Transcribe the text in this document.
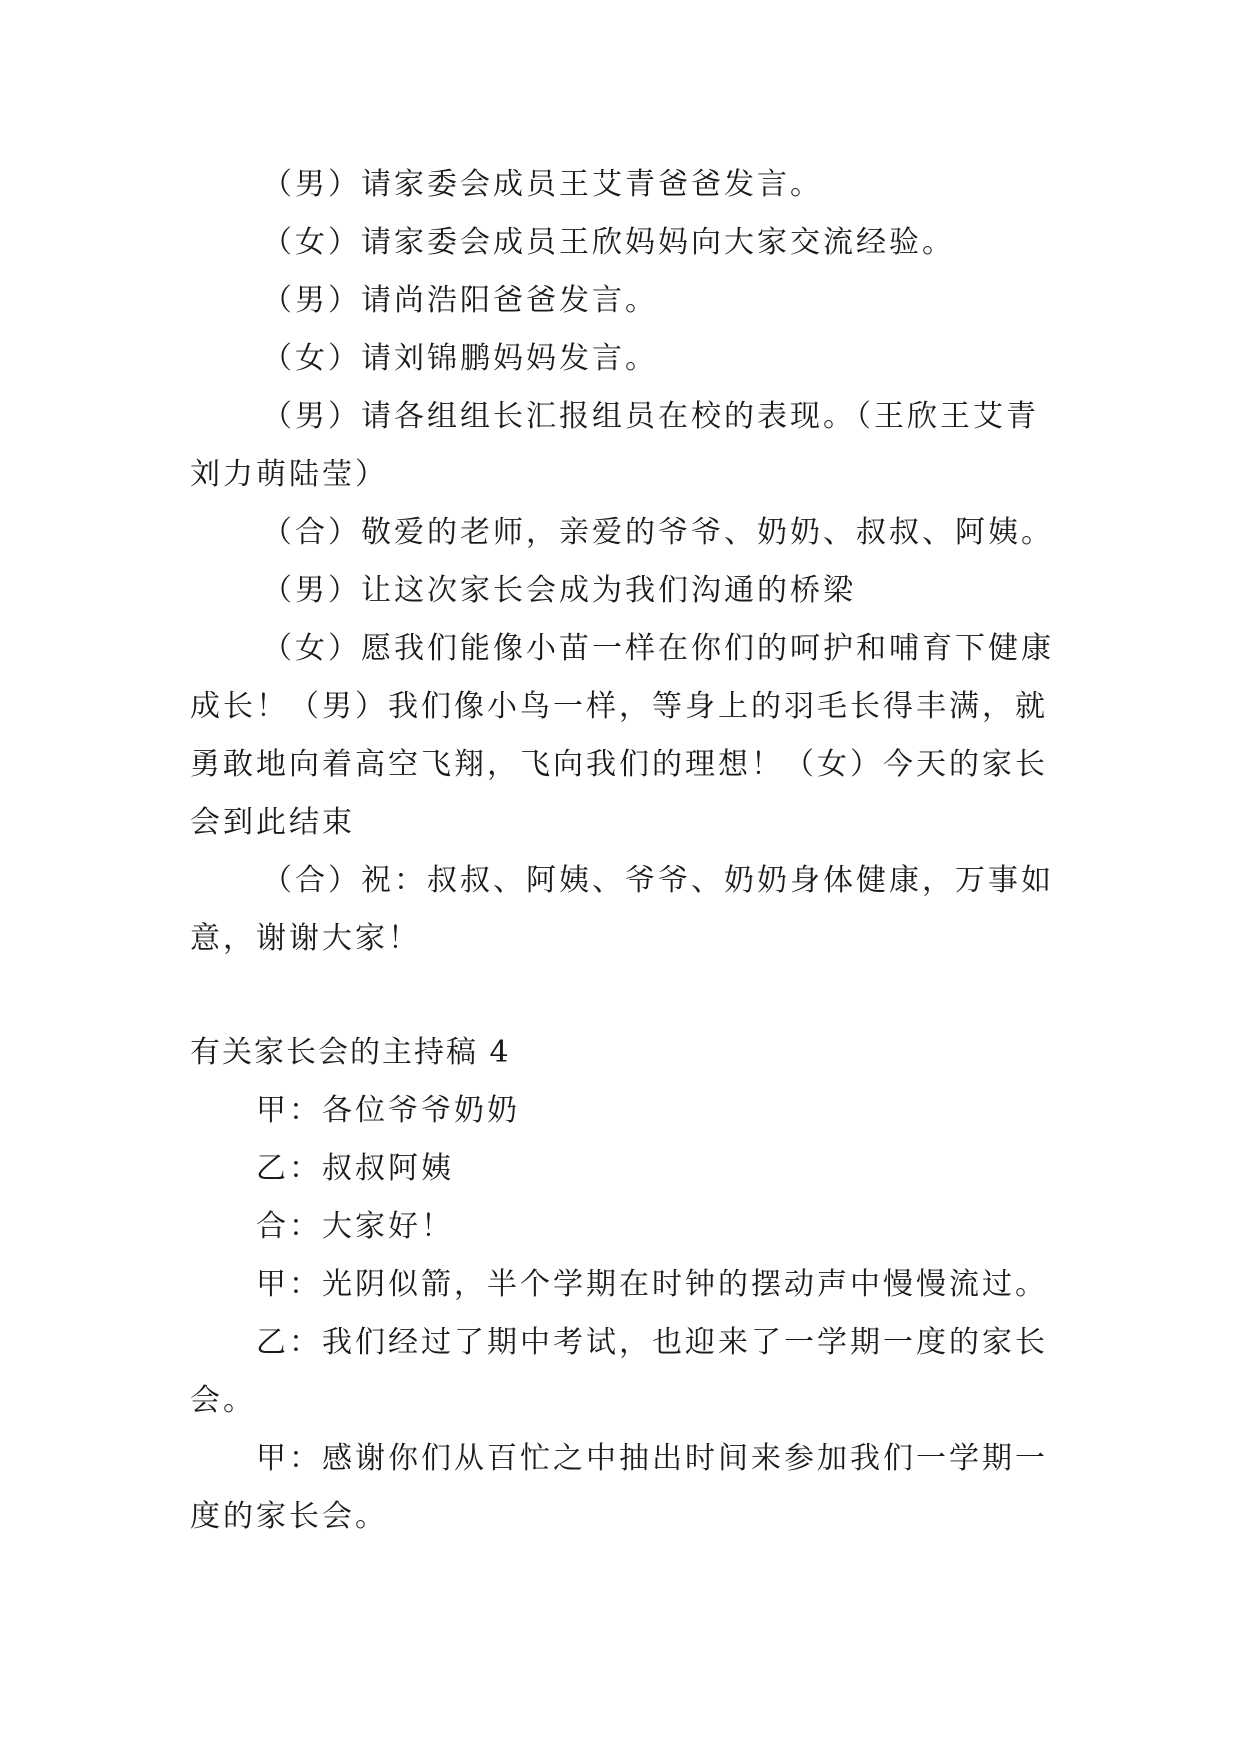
（男）请家委会成员王艾青爸爸发言。
（女）请家委会成员王欣妈妈向大家交流经验。
（男）请尚浩阳爸爸发言。
（女）请刘锦鹏妈妈发言。
（男）请各组组长汇报组员在校的表现。（王欣王艾青
刘力萌陆莹）
（合）敬爱的老师，亲爱的爷爷、奶奶、叔叔、阿姨。
（男）让这次家长会成为我们沟通的桥梁
（女）愿我们能像小苗一样在你们的呵护和哺育下健康
成长！（男）我们像小鸟一样，等身上的羽毛长得丰满，就
勇敢地向着高空飞翔，飞向我们的理想！（女）今天的家长
会到此结束
（合）祝：叔叔、阿姨、爷爷、奶奶身体健康，万事如
意，谢谢大家！
有关家长会的主持稿 4
甲：各位爷爷奶奶
乙：叔叔阿姨
合：大家好！
甲：光阴似箭，半个学期在时钟的摆动声中慢慢流过。
乙：我们经过了期中考试，也迎来了一学期一度的家长
会。
甲：感谢你们从百忙之中抽出时间来参加我们一学期一
度的家长会。
